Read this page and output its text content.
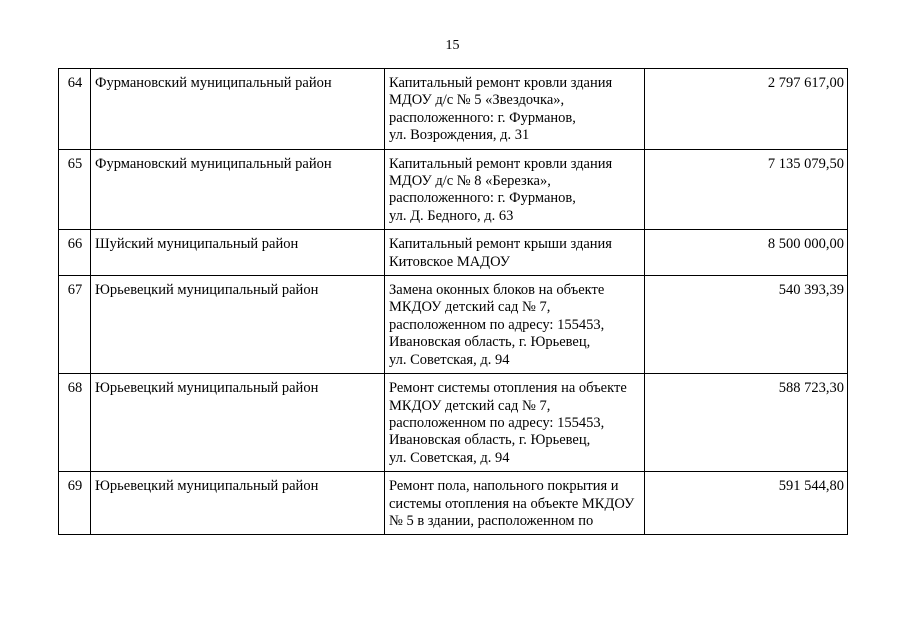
15
64	Фурмановский муниципальный район	Капитальный ремонт кровли здания
МДОУ д/с № 5 «Звездочка»,
расположенного: г. Фурманов,
ул. Возрождения, д. 31	2 797 617,00
65	Фурмановский муниципальный район	Капитальный ремонт кровли здания
МДОУ д/с № 8 «Березка»,
расположенного: г. Фурманов,
ул. Д. Бедного, д. 63	7 135 079,50
66	Шуйский муниципальный район	Капитальный ремонт крыши здания
Китовское МАДОУ	8 500 000,00
67	Юрьевецкий муниципальный район	Замена оконных блоков на объекте
МКДОУ детский сад № 7,
расположенном по адресу: 155453,
Ивановская область, г. Юрьевец,
ул. Советская, д. 94	540 393,39
68	Юрьевецкий муниципальный район	Ремонт системы отопления на объекте
МКДОУ детский сад № 7,
расположенном по адресу: 155453,
Ивановская область, г. Юрьевец,
ул. Советская, д. 94	588 723,30
69	Юрьевецкий муниципальный район	Ремонт пола, напольного покрытия и
системы отопления на объекте МКДОУ
№ 5 в здании, расположенном по	591 544,80
